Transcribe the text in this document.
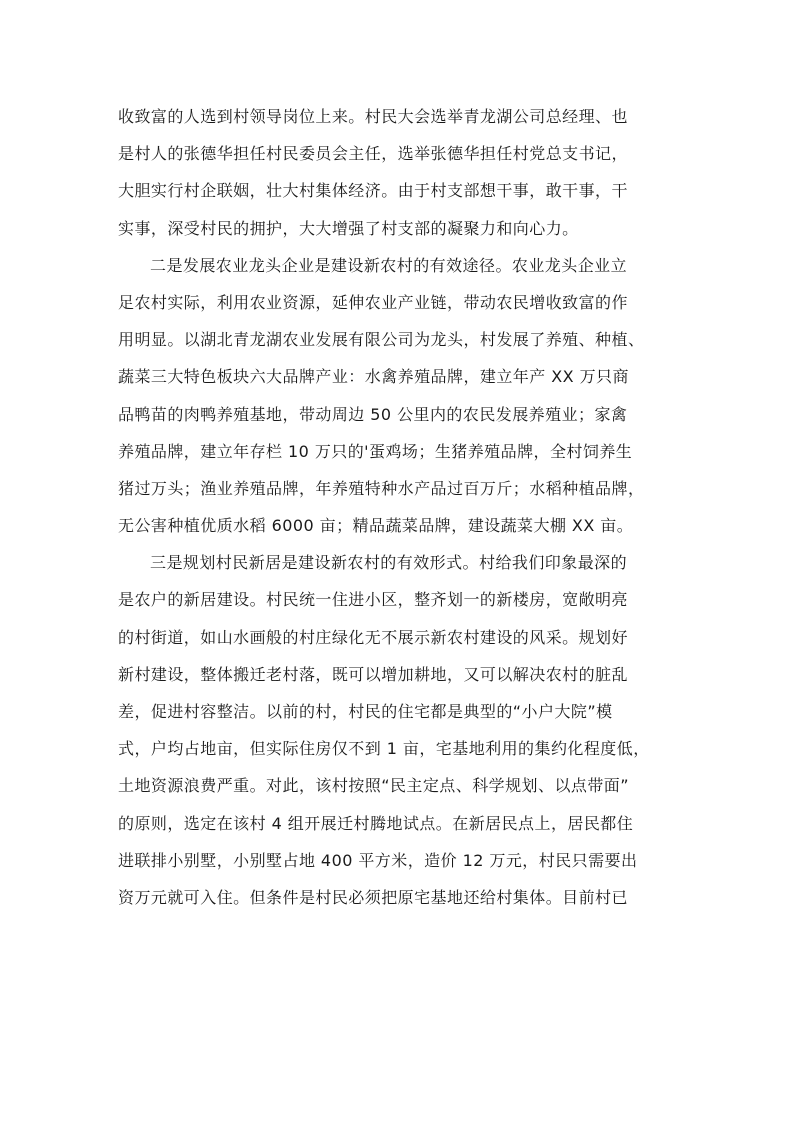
收致富的人选到村领导岗位上来。村民大会选举青龙湖公司总经理、也
是村人的张德华担任村民委员会主任，选举张德华担任村党总支书记，
大胆实行村企联姻，壮大村集体经济。由于村支部想干事，敢干事，干
实事，深受村民的拥护，大大增强了村支部的凝聚力和向心力。
二是发展农业龙头企业是建设新农村的有效途径。农业龙头企业立
足农村实际，利用农业资源，延伸农业产业链，带动农民增收致富的作
用明显。以湖北青龙湖农业发展有限公司为龙头，村发展了养殖、种植、
蔬菜三大特色板块六大品牌产业：水禽养殖品牌，建立年产 XX 万只商
品鸭苗的肉鸭养殖基地，带动周边 50 公里内的农民发展养殖业；家禽
养殖品牌，建立年存栏 10 万只的'蛋鸡场；生猪养殖品牌，全村饲养生
猪过万头；渔业养殖品牌，年养殖特种水产品过百万斤；水稻种植品牌，
无公害种植优质水稻 6000 亩；精品蔬菜品牌，建设蔬菜大棚 XX 亩。
三是规划村民新居是建设新农村的有效形式。村给我们印象最深的
是农户的新居建设。村民统一住进小区，整齐划一的新楼房，宽敞明亮
的村街道，如山水画般的村庄绿化无不展示新农村建设的风采。规划好
新村建设，整体搬迁老村落，既可以增加耕地，又可以解决农村的脏乱
差，促进村容整洁。以前的村，村民的住宅都是典型的“小户大院”模
式，户均占地亩，但实际住房仅不到 1 亩，宅基地利用的集约化程度低，
土地资源浪费严重。对此，该村按照“民主定点、科学规划、以点带面”
的原则，选定在该村 4 组开展迁村腾地试点。在新居民点上，居民都住
进联排小别墅，小别墅占地 400 平方米，造价 12 万元，村民只需要出
资万元就可入住。但条件是村民必须把原宅基地还给村集体。目前村已
